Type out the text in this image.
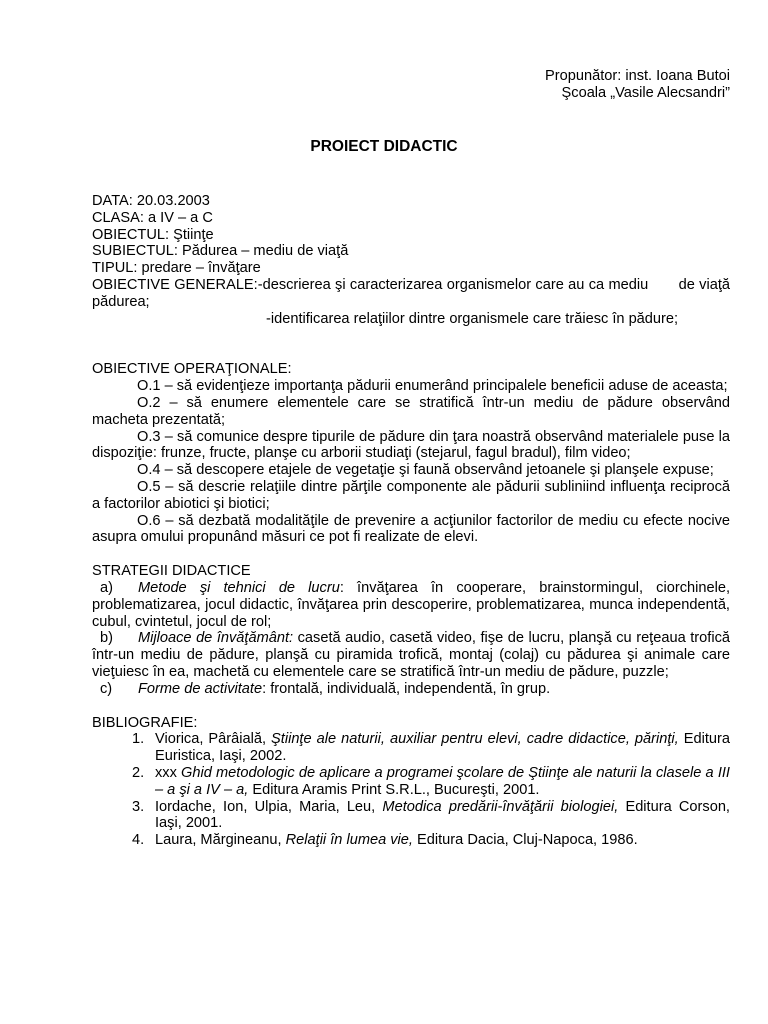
Propunător: inst. Ioana Butoi
Şcoala „Vasile Alecsandri”
PROIECT DIDACTIC

DATA: 20.03.2003

CLASA: a IV – a C

OBIECTUL: Ştiinţe

SUBIECTUL: Pădurea – mediu de viaţă

TIPUL: predare – învăţare

OBIECTIVE GENERALE:-descrierea şi caracterizarea organismelor care au ca mediu       de viaţă pădurea;

-identificarea relaţiilor dintre organismele care trăiesc în pădure;

OBIECTIVE OPERAŢIONALE:

O.1 – să evidenţieze importanţa pădurii enumerând principalele beneficii aduse de aceasta;

O.2 – să enumere elementele care se stratifică într-un mediu de pădure observând macheta prezentată;

O.3 – să comunice despre tipurile de pădure din ţara noastră observând materialele puse la dispoziţie: frunze, fructe, planşe cu arborii studiaţi (stejarul, fagul bradul), film video;

O.4 – să descopere etajele de vegetaţie şi faună observând jetoanele şi planşele expuse;

O.5 – să descrie relaţiile dintre părţile componente ale pădurii subliniind influenţa reciprocă a factorilor abiotici şi biotici;

O.6 – să dezbată modalităţile de prevenire a acţiunilor factorilor de mediu cu efecte nocive asupra omului propunând măsuri ce pot fi realizate de elevi.

STRATEGII DIDACTICE

a) Metode şi tehnici de lucru: învăţarea în cooperare, brainstormingul, ciorchinele, problematizarea, jocul didactic, învăţarea prin descoperire, problematizarea, munca independentă, cubul, cvintetul, jocul de rol;

b) Mijloace de învăţământ: casetă audio, casetă video, fişe de lucru, planşă cu reţeaua trofică într-un mediu de pădure, planşă cu piramida trofică, montaj (colaj) cu pădurea şi animale care vieţuiesc în ea, machetă cu elementele care se stratifică într-un mediu de pădure, puzzle;

c) Forme de activitate: frontală, individuală, independentă, în grup.

BIBLIOGRAFIE:

1. Viorica, Pârâială, Ştiinţe ale naturii, auxiliar pentru elevi, cadre didactice, părinţi, Editura Euristica, Iaşi, 2002.
2. xxx Ghid metodologic de aplicare a programei şcolare de Ştiinţe ale naturii la clasele a III – a şi a IV – a, Editura Aramis Print S.R.L., Bucureşti, 2001.
3. Iordache, Ion, Ulpia, Maria, Leu, Metodica predării-învăţării biologiei, Editura Corson, Iaşi, 2001.
4. Laura, Mărgineanu, Relaţii în lumea vie, Editura Dacia, Cluj-Napoca, 1986.
